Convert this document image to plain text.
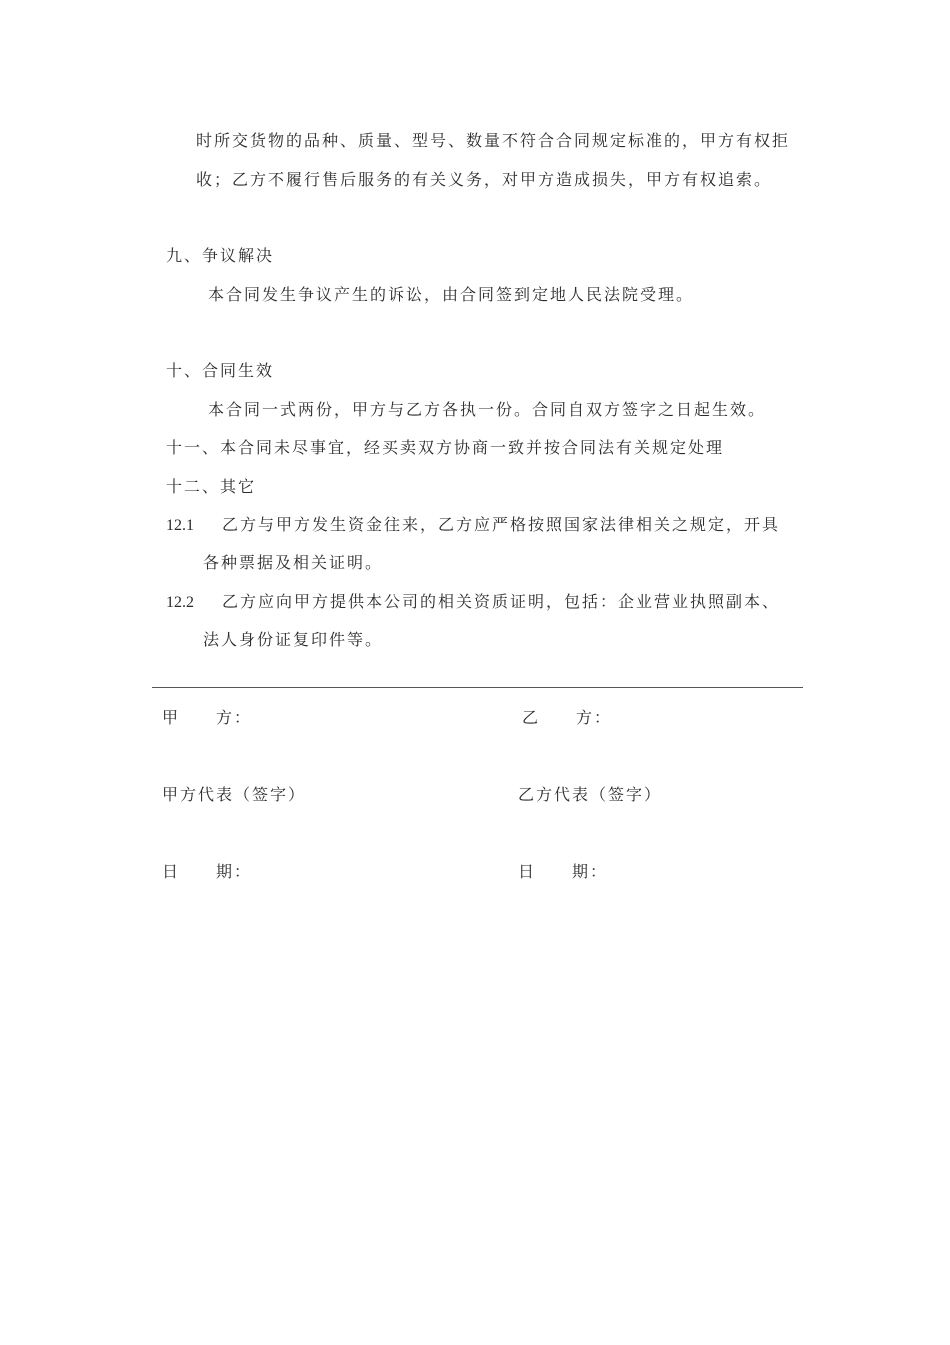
时所交货物的品种、质量、型号、数量不符合合同规定标准的，甲方有权拒
收；乙方不履行售后服务的有关义务，对甲方造成损失，甲方有权追索。
九、争议解决
本合同发生争议产生的诉讼，由合同签到定地人民法院受理。
十、合同生效
本合同一式两份，甲方与乙方各执一份。合同自双方签字之日起生效。
十一、本合同未尽事宜，经买卖双方协商一致并按合同法有关规定处理
十二、其它
12.1 乙方与甲方发生资金往来，乙方应严格按照国家法律相关之规定，开具
各种票据及相关证明。
12.2 乙方应向甲方提供本公司的相关资质证明，包括：企业营业执照副本、
法人身份证复印件等。
甲　　方：	乙　　方：
甲方代表（签字）	乙方代表（签字）
日　　期：	日　　期：
